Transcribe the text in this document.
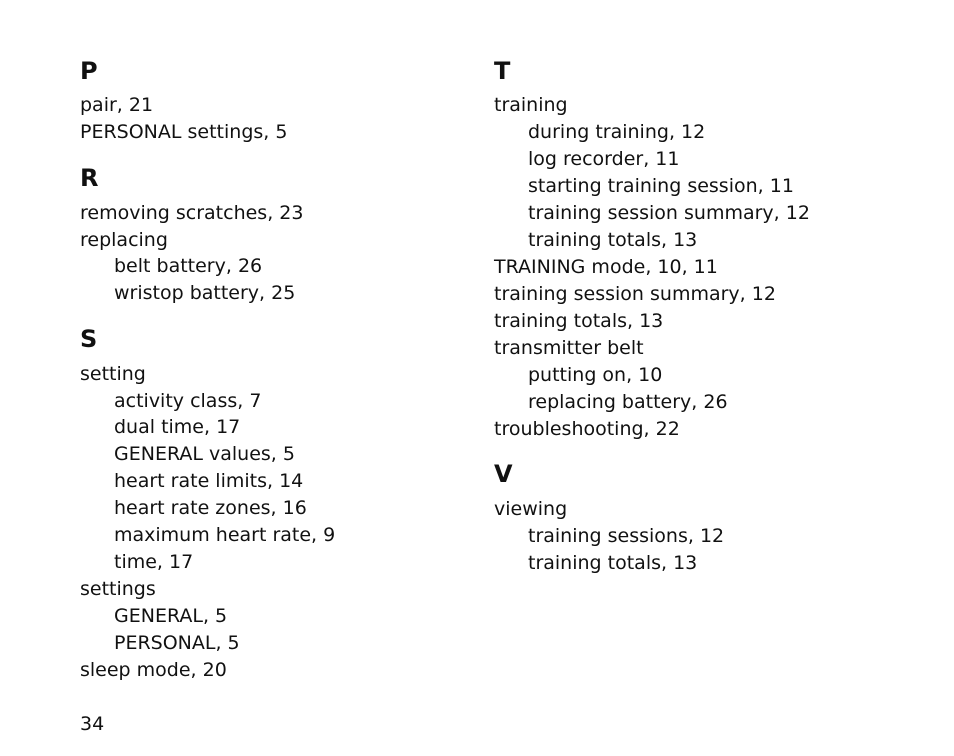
P
pair, 21
PERSONAL settings, 5
R
removing scratches, 23
replacing
belt battery, 26
wristop battery, 25
S
setting
activity class, 7
dual time, 17
GENERAL values, 5
heart rate limits, 14
heart rate zones, 16
maximum heart rate, 9
time, 17
settings
GENERAL, 5
PERSONAL, 5
sleep mode, 20
T
training
during training, 12
log recorder, 11
starting training session, 11
training session summary, 12
training totals, 13
TRAINING mode, 10, 11
training session summary, 12
training totals, 13
transmitter belt
putting on, 10
replacing battery, 26
troubleshooting, 22
V
viewing
training sessions, 12
training totals, 13
34
